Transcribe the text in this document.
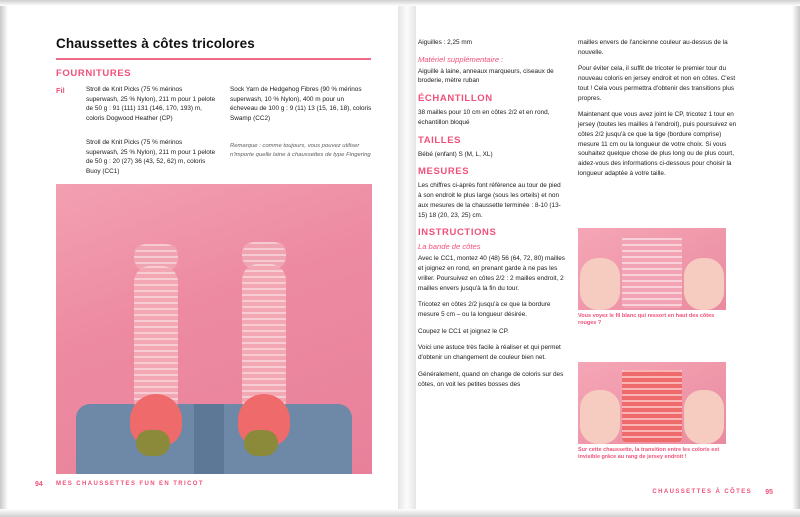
Chaussettes à côtes tricolores
FOURNITURES
Fil	Stroll de Knit Picks (75 % mérinos superwash, 25 % Nylon), 211 m pour 1 pelote de 50 g : 91 (111) 131 (146, 170, 193) m, coloris Dogwood Heather (CP)
Sock Yarn de Hedgehog Fibres (90 % mérinos superwash, 10 % Nylon), 400 m pour un écheveau de 100 g : 9 (11) 13 (15, 16, 18), coloris Swamp (CC2)
Stroll de Knit Picks (75 % mérinos superwash, 25 % Nylon), 211 m pour 1 pelote de 50 g : 20 (27) 36 (43, 52, 62) m, coloris Buoy (CC1)
Remarque : comme toujours, vous pouvez utiliser n'importe quelle laine à chaussettes de type Fingering
94 MES CHAUSSETTES FUN EN TRICOT

Aiguilles : 2,25 mm

Matériel supplémentaire :

Aiguille à laine, anneaux marqueurs, ciseaux de broderie, mètre ruban

ÉCHANTILLON

38 mailles pour 10 cm en côtes 2/2 et en rond, échantillon bloqué

TAILLES

Bébé (enfant) S (M, L, XL)

MESURES

Les chiffres ci-après font référence au tour de pied à son endroit le plus large (sous les orteils) et non aux mesures de la chaussette terminée : 8-10 (13-15) 18 (20, 23, 25) cm.

INSTRUCTIONS

La bande de côtes

Avec le CC1, montez 40 (48) 56 (64, 72, 80) mailles et joignez en rond, en prenant garde à ne pas les vriller. Poursuivez en côtes 2/2 : 2 mailles endroit, 2 mailles envers jusqu'à la fin du tour.

Tricotez en côtes 2/2 jusqu'à ce que la bordure mesure 5 cm – ou la longueur désirée.

Coupez le CC1 et joignez le CP.

Voici une astuce très facile à réaliser et qui permet d'obtenir un changement de couleur bien net.

Généralement, quand on change de coloris sur des côtes, on voit les petites bosses des

mailles envers de l'ancienne couleur au-dessus de la nouvelle.

Pour éviter cela, il suffit de tricoter le premier tour du nouveau coloris en jersey endroit et non en côtes. C'est tout ! Cela vous permettra d'obtenir des transitions plus propres.

Maintenant que vous avez joint le CP, tricotez 1 tour en jersey (toutes les mailles à l'endroit), puis poursuivez en côtes 2/2 jusqu'à ce que la tige (bordure comprise) mesure 11 cm ou la longueur de votre choix. Si vous souhaitez quelque chose de plus long ou de plus court, aidez-vous des informations ci-dessous pour choisir la longueur adaptée à votre taille.

Vous voyez le fil blanc qui ressort en haut des côtes rouges ?
Sur cette chaussette, la transition entre les coloris est invisible grâce au rang de jersey endroit !
CHAUSSETTES À CÔTES 95
